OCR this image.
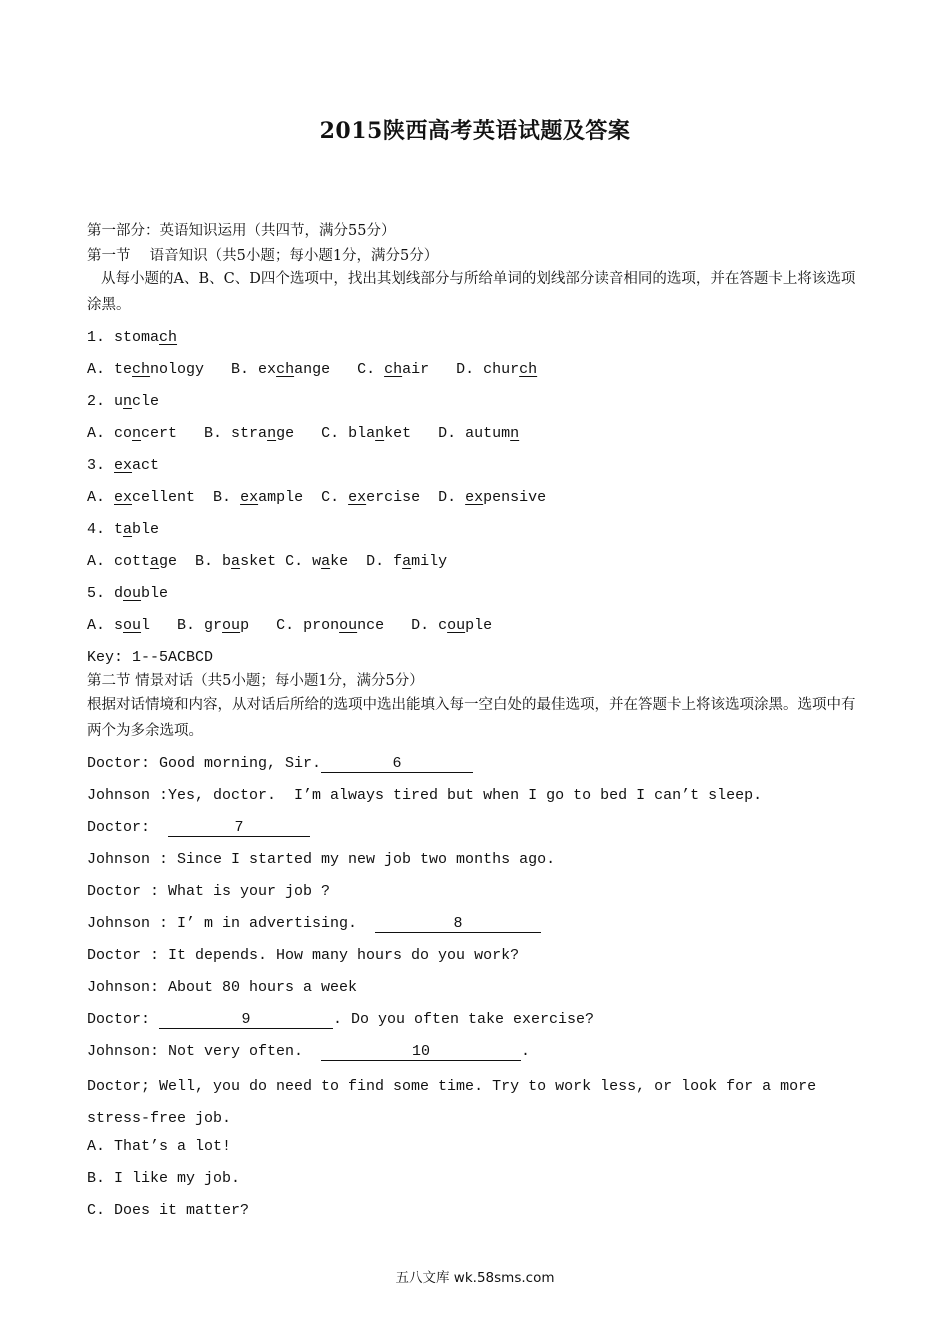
2015陕西高考英语试题及答案
第一部分：英语知识运用（共四节，满分55分）
第一节　 语音知识（共5小题；每小题1分，满分5分）
从每小题的A、B、C、D四个选项中，找出其划线部分与所给单词的划线部分读音相同的选项，并在答题卡上将该选项涂黑。
1. stomach
A. technology   B. exchange   C. chair   D. church
2. uncle
A. concert   B. strange   C. blanket   D. autumn
3. exact
A. excellent  B. example  C. exercise  D. expensive
4. table
A. cottage  B. basket C. wake  D. family
5. double
A. soul   B. group   C. pronounce   D. couple
Key: 1--5ACBCD
第二节 情景对话（共5小题；每小题1分，满分5分）
根据对话情境和内容，从对话后所给的选项中选出能填入每一空白处的最佳选项，并在答题卡上将该选项涂黑。选项中有两个为多余选项。
Doctor: Good morning, Sir.	6
Johnson :Yes, doctor.  I’m always tired but when I go to bed I can’t sleep.
Doctor:	7
Johnson : Since I started my new job two months ago.
Doctor : What is your job ?
Johnson : I’ m in advertising.	8
Doctor : It depends. How many hours do you work?
Johnson: About 80 hours a week
Doctor:	9	. Do you often take exercise?
Johnson: Not very often.	10	.
Doctor; Well, you do need to find some time. Try to work less, or look for a more stress-free job.
A. That’s a lot!
B. I like my job.
C. Does it matter?
五八文库 wk.58sms.com
